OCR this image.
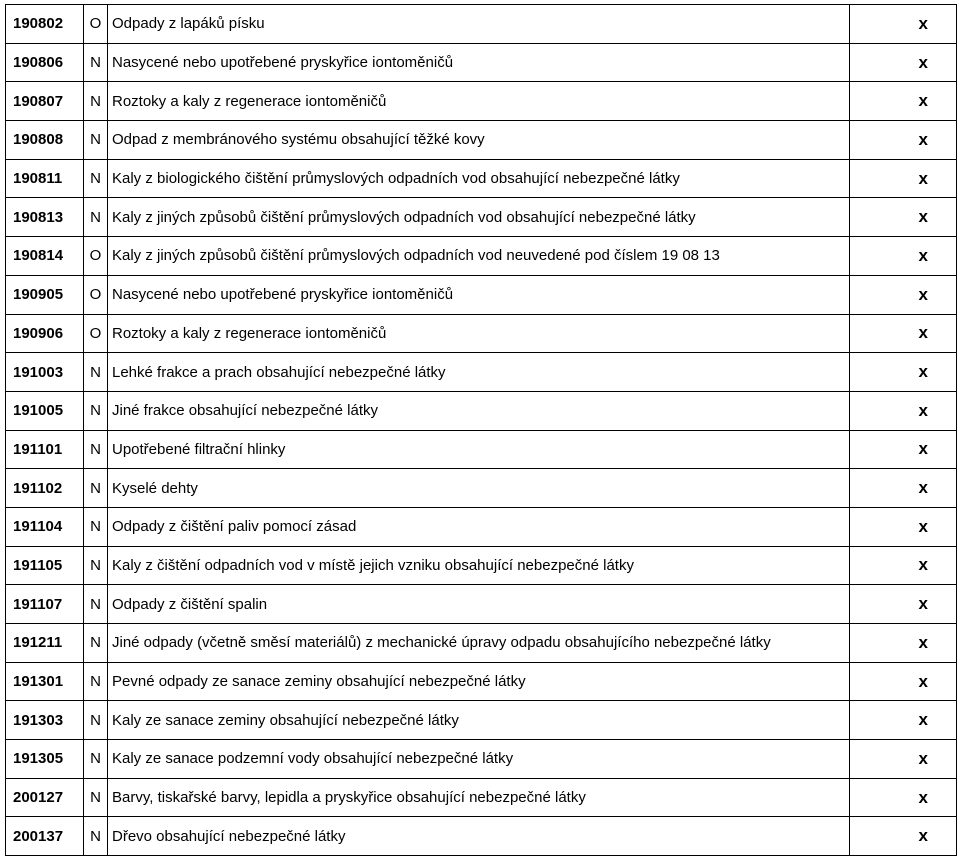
190802	O	Odpady z lapáků písku	x
190806	N	Nasycené nebo upotřebené pryskyřice iontoměničů	x
190807	N	Roztoky a kaly z regenerace iontoměničů	x
190808	N	Odpad z membránového systému obsahující těžké kovy	x
190811	N	Kaly z biologického čištění průmyslových odpadních vod obsahující nebezpečné látky	x
190813	N	Kaly z jiných způsobů čištění průmyslových odpadních vod obsahující nebezpečné látky	x
190814	O	Kaly z jiných způsobů čištění průmyslových odpadních vod neuvedené pod číslem 19 08 13	x
190905	O	Nasycené nebo upotřebené pryskyřice iontoměničů	x
190906	O	Roztoky a kaly z regenerace iontoměničů	x
191003	N	Lehké frakce a prach obsahující nebezpečné látky	x
191005	N	Jiné frakce obsahující nebezpečné látky	x
191101	N	Upotřebené filtrační hlinky	x
191102	N	Kyselé dehty	x
191104	N	Odpady z čištění paliv pomocí zásad	x
191105	N	Kaly z čištění odpadních vod v místě jejich vzniku obsahující nebezpečné látky	x
191107	N	Odpady z čištění spalin	x
191211	N	Jiné odpady (včetně směsí materiálů) z mechanické úpravy odpadu obsahujícího nebezpečné látky	x
191301	N	Pevné odpady ze sanace zeminy obsahující nebezpečné látky	x
191303	N	Kaly ze sanace zeminy obsahující nebezpečné látky	x
191305	N	Kaly ze sanace podzemní vody obsahující nebezpečné látky	x
200127	N	Barvy, tiskařské barvy, lepidla a pryskyřice obsahující nebezpečné látky	x
200137	N	Dřevo obsahující nebezpečné látky	x
